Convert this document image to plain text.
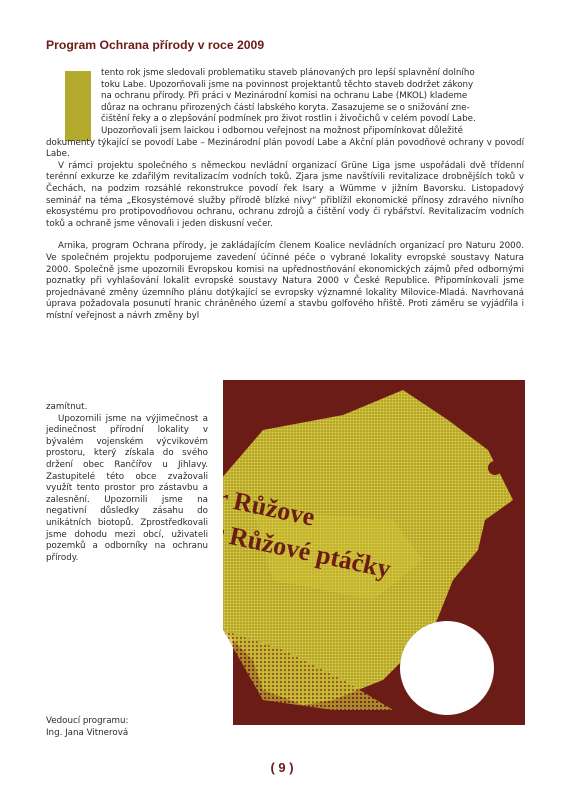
Program Ochrana přírody v roce 2009

tento rok jsme sledovali problematiku staveb plánovaných pro lepší splavnění dolního
toku Labe. Upozorňovali jsme na povinnost projektantů těchto staveb dodržet zákony
na ochranu přírody. Při práci v Mezinárodní komisi na ochranu Labe (MKOL) klademe
důraz na ochranu přirozených částí labského koryta. Zasazujeme se o snižování zne-
čištění řeky a o zlepšování podmínek pro život rostlin i živočichů v celém povodí Labe.
Upozorňovali jsem laickou i odbornou veřejnost na možnost připomínkovat důležité
dokumenty týkající se povodí Labe – Mezinárodní plán povodí Labe a Akční plán povodňové ochrany v povodí Labe.

V rámci projektu společného s německou nevládní organizací Grüne Liga jsme uspořádali dvě třídenní terénní exkurze ke zdařilým revitalizacím vodních toků. Zjara jsme navštívili revitalizace drobnějších toků v Čechách, na podzim rozsáhlé rekonstrukce povodí řek Isary a Wümme v jižním Bavorsku. Listopadový seminář na téma „Ekosystémové služby přírodě blízké nivy“ přiblížil ekonomické přínosy zdravého nivního ekosystému pro protipovodňovou ochranu, ochranu zdrojů a čištění vody či rybářství. Revitalizacím vodních toků a ochraně jsme věnovali i jeden diskusní večer.

Arnika, program Ochrana přírody, je zakládajícím členem Koalice nevládních organizací pro Naturu 2000. Ve společném projektu podporujeme zavedení účinné péče o vybrané lokality evropské soustavy Natura 2000. Společně jsme upozornili Evropskou komisi na upřednostňování ekonomických zájmů před odbornými poznatky při vyhlašování lokalit evropské soustavy Natura 2000 v České Republice. Připomínkovali jsme projednávané změny územního plánu dotýkající se evropsky významné lokality Milovice-Mladá. Navrhovaná úprava požadovala posunutí hranic chráněného území a stavbu golfového hřiště. Proti záměru se vyjádřila i místní veřejnost a návrh změny byl

r Růžove
r Růžové ptáčky

zamítnut.

Upozornili jsme na výjimečnost a jedinečnost přírodní lokality v bývalém vojenském výcvikovém prostoru, který získala do svého držení obec Rančířov u Jihlavy. Zastupitelé této obce zvažovali využít tento prostor pro zástavbu a zalesnění. Upozornili jsme na negativní důsledky zásahu do unikátních biotopů. Zprostředkovali jsme dohodu mezi obcí, uživateli pozemků a odborníky na ochranu přírody.

Vedoucí programu:
Ing. Jana Vitnerová
( 9 )
